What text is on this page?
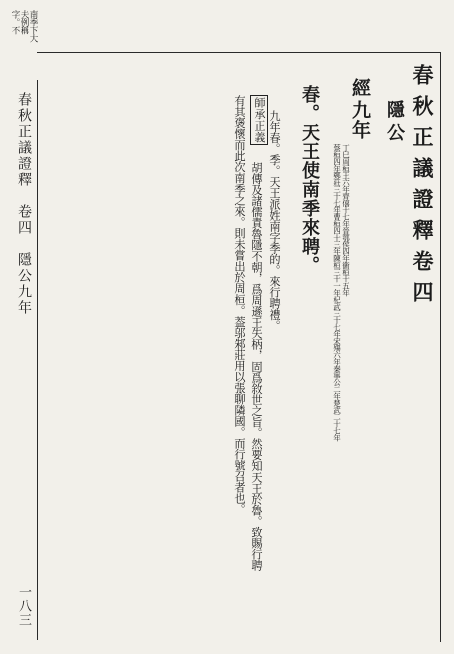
南季下大
夫例稱
字。不
春秋正議證釋　卷四　隱公九年
一八三
春秋正議證釋卷四
隱公
經
九年
丁巳周桓王六年齊僖十七年晉鄂侯四年衞桓十五年
蔡桓四年鄭莊三十七年曹桓四十三年陳桓三十一年杞武三十七年宋殤六年秦寧公二年楚武二十七年
春。天王使南季來聘。
九年春。季。天王派姓南字季的。來行聘禮。
師承正義
胡傳及諸儒責魯隱不朝，爲周遜王失柄，固爲敘世之旨。然要知天王於魯。致賜行聘
有其褒懷而此次南季之來。則未嘗出於周桓。葢邬邾莊用以張聊隣國。而行號召者也。
